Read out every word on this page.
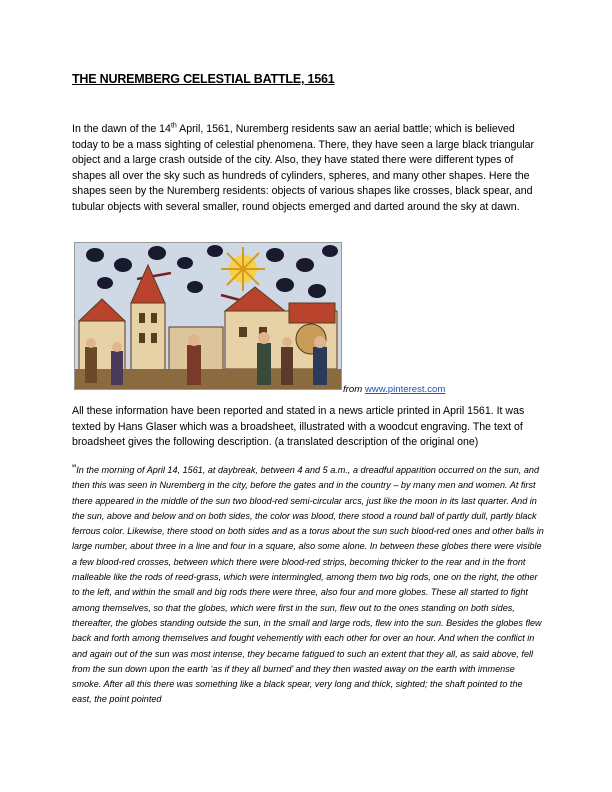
THE NUREMBERG CELESTIAL BATTLE, 1561

In the dawn of the 14th April, 1561, Nuremberg residents saw an aerial battle; which is believed today to be a mass sighting of celestial phenomena. There, they have seen a large black triangular object and a large crash outside of the city. Also, they have stated there were different types of shapes all over the sky such as hundreds of cylinders, spheres, and many other shapes. Here the shapes seen by the Nuremberg residents: objects of various shapes like crosses, black spear, and tubular objects with several smaller, round objects emerged and darted around the sky at dawn.

from www.pinterest.com

All these information have been reported and stated in a news article printed in April 1561. It was texted by Hans Glaser which was a broadsheet, illustrated with a woodcut engraving. The text of broadsheet gives the following description. (a translated description of the original one)

"In the morning of April 14, 1561, at daybreak, between 4 and 5 a.m., a dreadful apparition occurred on the sun, and then this was seen in Nuremberg in the city, before the gates and in the country – by many men and women. At first there appeared in the middle of the sun two blood-red semi-circular arcs, just like the moon in its last quarter. And in the sun, above and below and on both sides, the color was blood, there stood a round ball of partly dull, partly black ferrous color. Likewise, there stood on both sides and as a torus about the sun such blood-red ones and other balls in large number, about three in a line and four in a square, also some alone. In between these globes there were visible a few blood-red crosses, between which there were blood-red strips, becoming thicker to the rear and in the front malleable like the rods of reed-grass, which were intermingled, among them two big rods, one on the right, the other to the left, and within the small and big rods there were three, also four and more globes. These all started to fight among themselves, so that the globes, which were first in the sun, flew out to the ones standing on both sides, thereafter, the globes standing outside the sun, in the small and large rods, flew into the sun. Besides the globes flew back and forth among themselves and fought vehemently with each other for over an hour. And when the conflict in and again out of the sun was most intense, they became fatigued to such an extent that they all, as said above, fell from the sun down upon the earth ‘as if they all burned’ and they then wasted away on the earth with immense smoke. After all this there was something like a black spear, very long and thick, sighted; the shaft pointed to the east, the point pointed
